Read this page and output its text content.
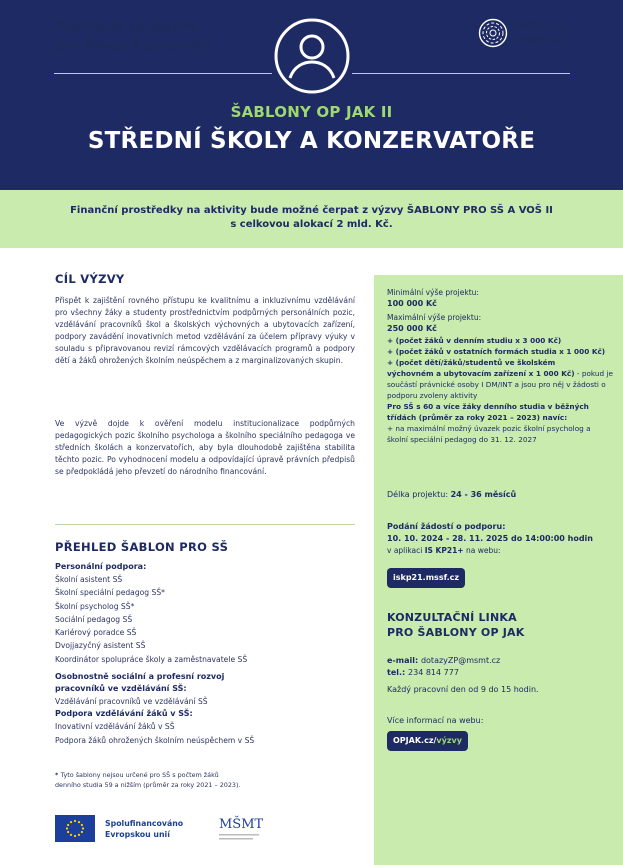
Operační program
Jan Amos Komenský
OPJAK.cz
MSMT.cz
ŠABLONY OP JAK II
STŘEDNÍ ŠKOLY A KONZERVATOŘE
Finanční prostředky na aktivity bude možné čerpat z výzvy ŠABLONY PRO SŠ A VOŠ II
s celkovou alokací 2 mld. Kč.
CÍL VÝZVY
Přispět k zajištění rovného přístupu ke kvalitnímu a inkluzivnímu vzdělávání pro všechny žáky a studenty prostřednictvím podpůrných personálních pozic, vzdělávání pracovníků škol a školských výchovných a ubytovacích zařízení, podpory zavádění inovativních metod vzdělávání za účelem přípravy výuky v souladu s připravovanou revizí rámcových vzdělávacích programů a podpory dětí a žáků ohrožených školním neúspěchem a z marginalizovaných skupin.
Ve výzvě dojde k ověření modelu institucionalizace podpůrných pedagogických pozic školního psychologa a školního speciálního pedagoga ve středních školách a konzervatořích, aby byla dlouhodobě zajištěna stabilita těchto pozic. Po vyhodnocení modelu a odpovídající úpravě právních předpisů se předpokládá jeho převzetí do národního financování.
PŘEHLED ŠABLON PRO SŠ
Personální podpora:
Školní asistent SŠ
Školní speciální pedagog SŠ*
Školní psycholog SŠ*
Sociální pedagog SŠ
Kariérový poradce SŠ
Dvojjazyčný asistent SŠ
Koordinátor spolupráce školy a zaměstnavatele SŠ
Osobnostně sociální a profesní rozvoj pracovníků ve vzdělávání SŠ:
Vzdělávání pracovníků ve vzdělávání SŠ
Podpora vzdělávání žáků v SŠ:
Inovativní vzdělávání žáků v SŠ
Podpora žáků ohrožených školním neúspěchem v SŠ
* Tyto šablony nejsou určené pro SŠ s počtem žáků
denního studia 59 a nižším (průměr za roky 2021 – 2023).
Spolufinancováno
Evropskou unií
MŠMT
Minimální výše projektu:
100 000 Kč
Maximální výše projektu:
250 000 Kč
+ (počet žáků v denním studiu x 3 000 Kč)
+ (počet žáků v ostatních formách studia x 1 000 Kč)
+ (počet dětí/žáků/studentů ve školském
výchovném a ubytovacím zařízení x 1 000 Kč) - pokud je součástí právnické osoby I DM/INT a jsou pro něj v žádosti o podporu zvoleny aktivity
Pro SŠ s 60 a více žáky denního studia v běžných třídách (průměr za roky 2021 – 2023) navíc:
+ na maximální možný úvazek pozic školní psycholog a školní speciální pedagog do 31. 12. 2027
Délka projektu: 24 - 36 měsíců
Podání žádostí o podporu:
10. 10. 2024 - 28. 11. 2025 do 14:00:00 hodin
v aplikaci IS KP21+ na webu:
iskp21.mssf.cz
KONZULTAČNÍ LINKA
PRO ŠABLONY OP JAK
e-mail: dotazyZP@msmt.cz
tel.: 234 814 777
Každý pracovní den od 9 do 15 hodin.
Více informací na webu:
OPJAK.cz/výzvy
